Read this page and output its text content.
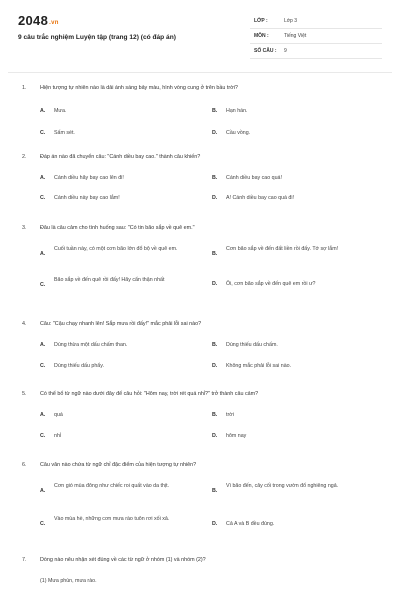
2048.vn
9 câu trắc nghiệm Luyện tập (trang 12) (có đáp án)
LỚP :	Lớp 3
MÔN :	Tiếng Việt
SỐ CÂU : 9
1.	Hiện tượng tự nhiên nào là dải ánh sáng bảy màu, hình vòng cung ở trên bầu trời?
A. Mưa.	B. Hạn hán.
C. Sấm sét.	D. Cầu vồng.
2.	Đáp án nào đã chuyển câu: "Cánh diều bay cao." thành câu khiến?
A. Cánh diều hãy bay cao lên đi!	B. Cánh diều bay cao quá!
C. Cánh diều này bay cao lắm!	D. A! Cánh diều bay cao quá đi!
3.	Đâu là câu cảm cho tình huống sau: "Có tin bão sắp về quê em."
A.
Cuối tuần này, có một cơn bão lớn đổ bộ về quê em.
B.
Cơn bão sắp về đến đất liền rồi đấy. Tớ sợ lắm!
C.
Bão sắp về đến quê rồi đấy! Hãy cẩn thận nhất
D. Ôi, cơn bão sắp về đến quê em rồi ư?
4.	Câu: "Cậu chạy nhanh lên! Sắp mưa rồi đấy!" mắc phải lỗi sai nào?
A. Dùng thừa một dấu chấm than.	B. Dùng thiếu dấu chấm.
C. Dùng thiếu dấu phẩy.	D. Không mắc phải lỗi sai nào.
5.	Có thể bổ từ ngữ nào dưới đây để câu hỏi: "Hôm nay, trời rét quá nhỉ?" trở thành câu cảm?
A. quá	B. trời
C. nhỉ	D. hôm nay
6.	Câu văn nào chứa từ ngữ chỉ đặc điểm của hiện tượng tự nhiên?
A.
Cơn gió mùa đông như chiếc roi quất vào da thịt.
B.
Vì bão đến, cây cối trong vườn đổ nghiêng ngả.
C.
Vào mùa hè, những cơn mưa rào tuôn rơi xối xả.
D. Cả A và B đều đúng.
7.	Dòng nào nêu nhận xét đúng về các từ ngữ ở nhóm (1) và nhóm (2)?
(1) Mưa phùn, mưa rào.
